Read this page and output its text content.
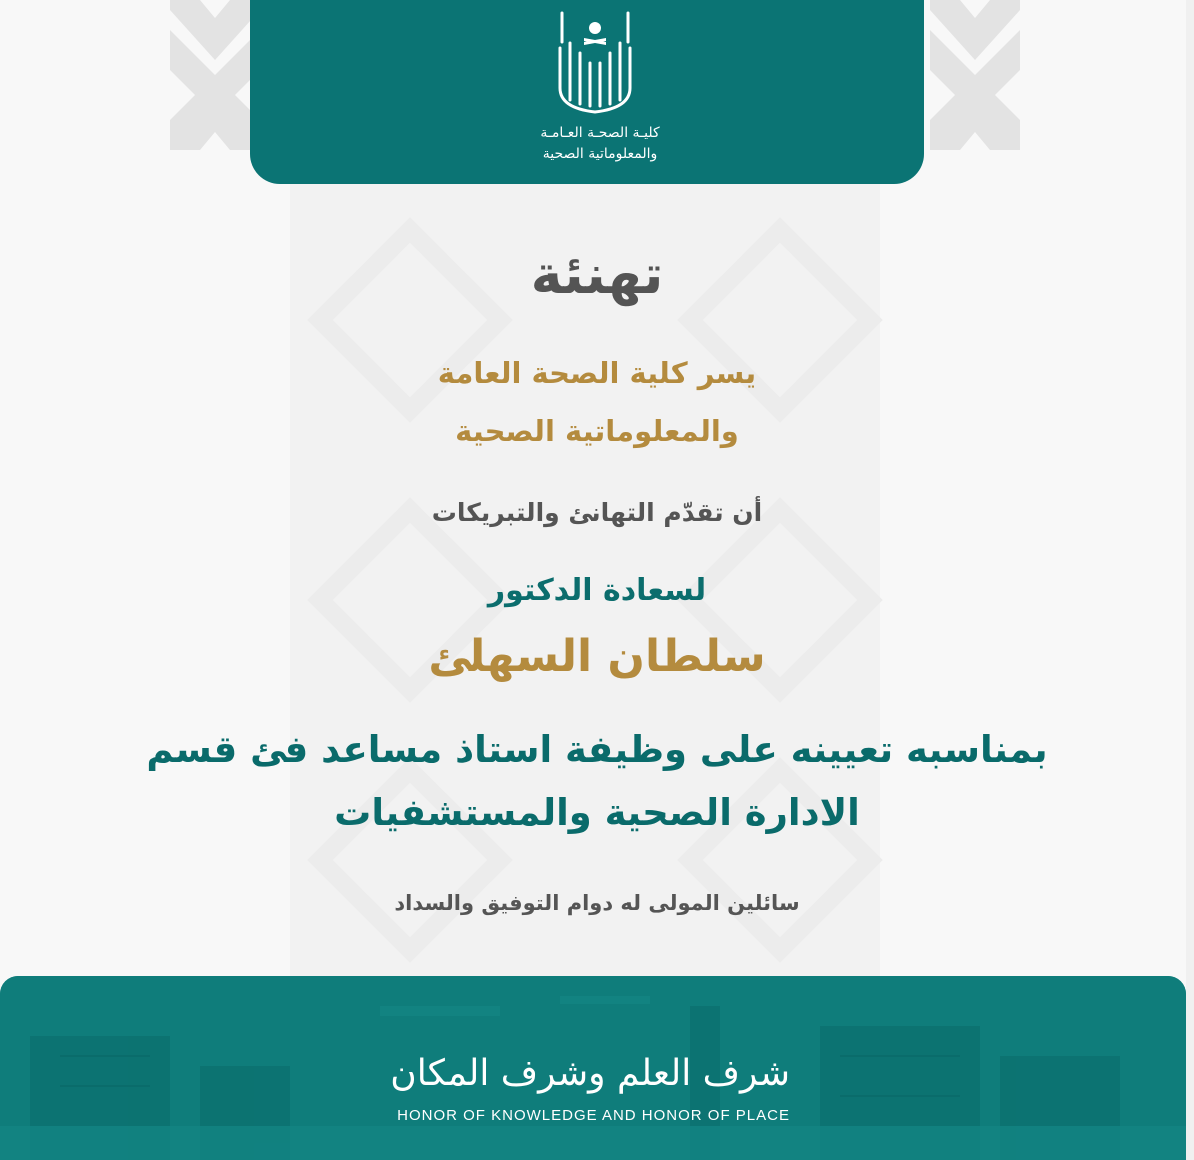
كليـة الصحـة العـامـة
والمعلوماتية الصحية
تهنئة
يسر كلية الصحة العامة
والمعلوماتية الصحية
أن تقدّم التهانئ والتبريكات
لسعادة الدكتور
سلطان السهلئ
بمناسبه تعيينه على وظيفة استاذ مساعد فئ قسم
الادارة الصحية والمستشفيات
سائلين المولى له دوام التوفيق والسداد
شرف العلم وشرف المكان
HONOR OF KNOWLEDGE AND HONOR OF PLACE
